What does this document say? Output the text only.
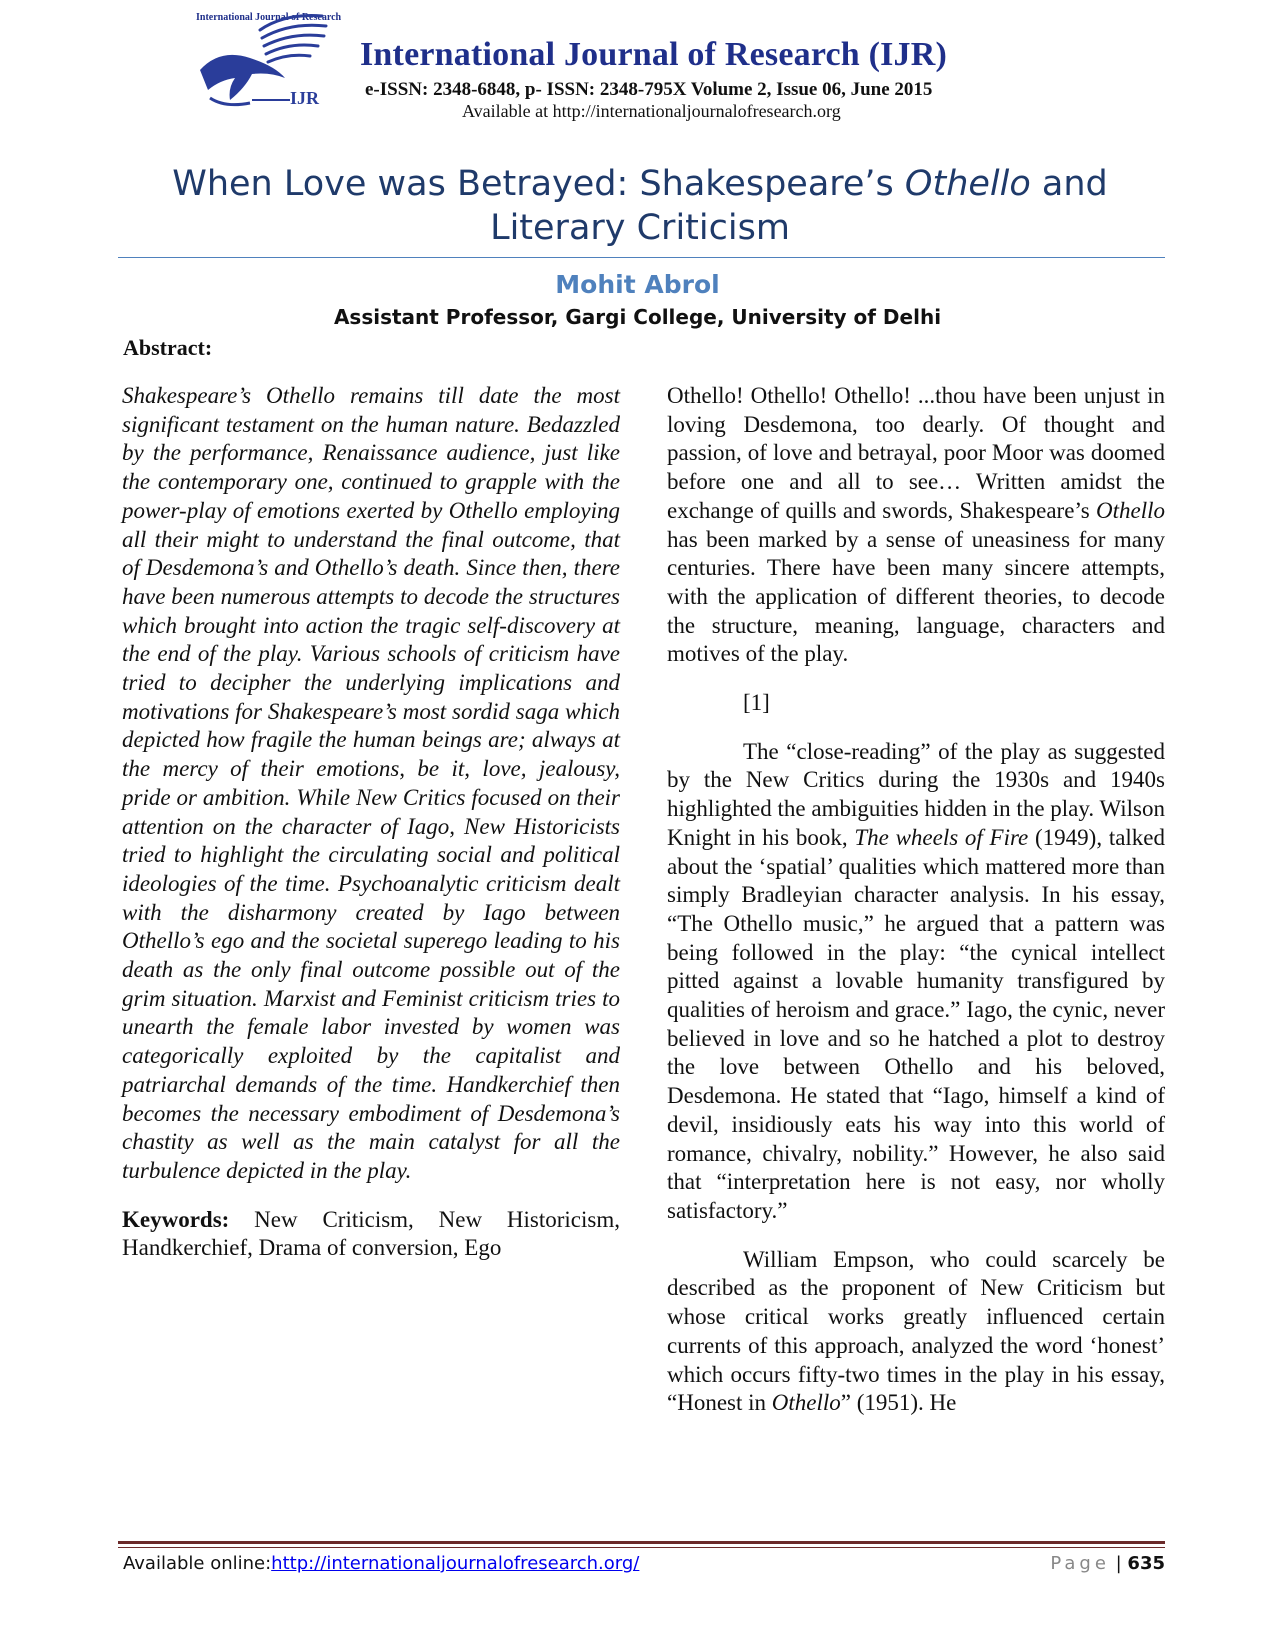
International Journal of Research
IJR
International Journal of Research (IJR)
e-ISSN: 2348-6848, p- ISSN: 2348-795X Volume 2, Issue 06, June 2015
Available at http://internationaljournalofresearch.org
When Love was Betrayed: Shakespeare’s Othello and Literary Criticism
Mohit Abrol
Assistant Professor, Gargi College, University of Delhi
Abstract:

Shakespeare’s Othello remains till date the most significant testament on the human nature. Bedazzled by the performance, Renaissance audience, just like the contemporary one, continued to grapple with the power-play of emotions exerted by Othello employing all their might to understand the final outcome, that of Desdemona’s and Othello’s death. Since then, there have been numerous attempts to decode the structures which brought into action the tragic self-discovery at the end of the play. Various schools of criticism have tried to decipher the underlying implications and motivations for Shakespeare’s most sordid saga which depicted how fragile the human beings are; always at the mercy of their emotions, be it, love, jealousy, pride or ambition. While New Critics focused on their attention on the character of Iago, New Historicists tried to highlight the circulating social and political ideologies of the time. Psychoanalytic criticism dealt with the disharmony created by Iago between Othello’s ego and the societal superego leading to his death as the only final outcome possible out of the grim situation. Marxist and Feminist criticism tries to unearth the female labor invested by women was categorically exploited by the capitalist and patriarchal demands of the time. Handkerchief then becomes the necessary embodiment of Desdemona’s chastity as well as the main catalyst for all the turbulence depicted in the play.

Keywords: New Criticism, New Historicism, Handkerchief, Drama of conversion, Ego

Othello! Othello! Othello! ...thou have been unjust in loving Desdemona, too dearly. Of thought and passion, of love and betrayal, poor Moor was doomed before one and all to see… Written amidst the exchange of quills and swords, Shakespeare’s Othello has been marked by a sense of uneasiness for many centuries. There have been many sincere attempts, with the application of different theories, to decode the structure, meaning, language, characters and motives of the play.

[1]

The “close-reading” of the play as suggested by the New Critics during the 1930s and 1940s highlighted the ambiguities hidden in the play. Wilson Knight in his book, The wheels of Fire (1949), talked about the ‘spatial’ qualities which mattered more than simply Bradleyian character analysis. In his essay, “The Othello music,” he argued that a pattern was being followed in the play: “the cynical intellect pitted against a lovable humanity transfigured by qualities of heroism and grace.” Iago, the cynic, never believed in love and so he hatched a plot to destroy the love between Othello and his beloved, Desdemona. He stated that “Iago, himself a kind of devil, insidiously eats his way into this world of romance, chivalry, nobility.” However, he also said that “interpretation here is not easy, nor wholly satisfactory.”

William Empson, who could scarcely be described as the proponent of New Criticism but whose critical works greatly influenced certain currents of this approach, analyzed the word ‘honest’ which occurs fifty-two times in the play in his essay, “Honest in Othello” (1951). He

Available online:http://internationaljournalofresearch.org/	Page | 635
